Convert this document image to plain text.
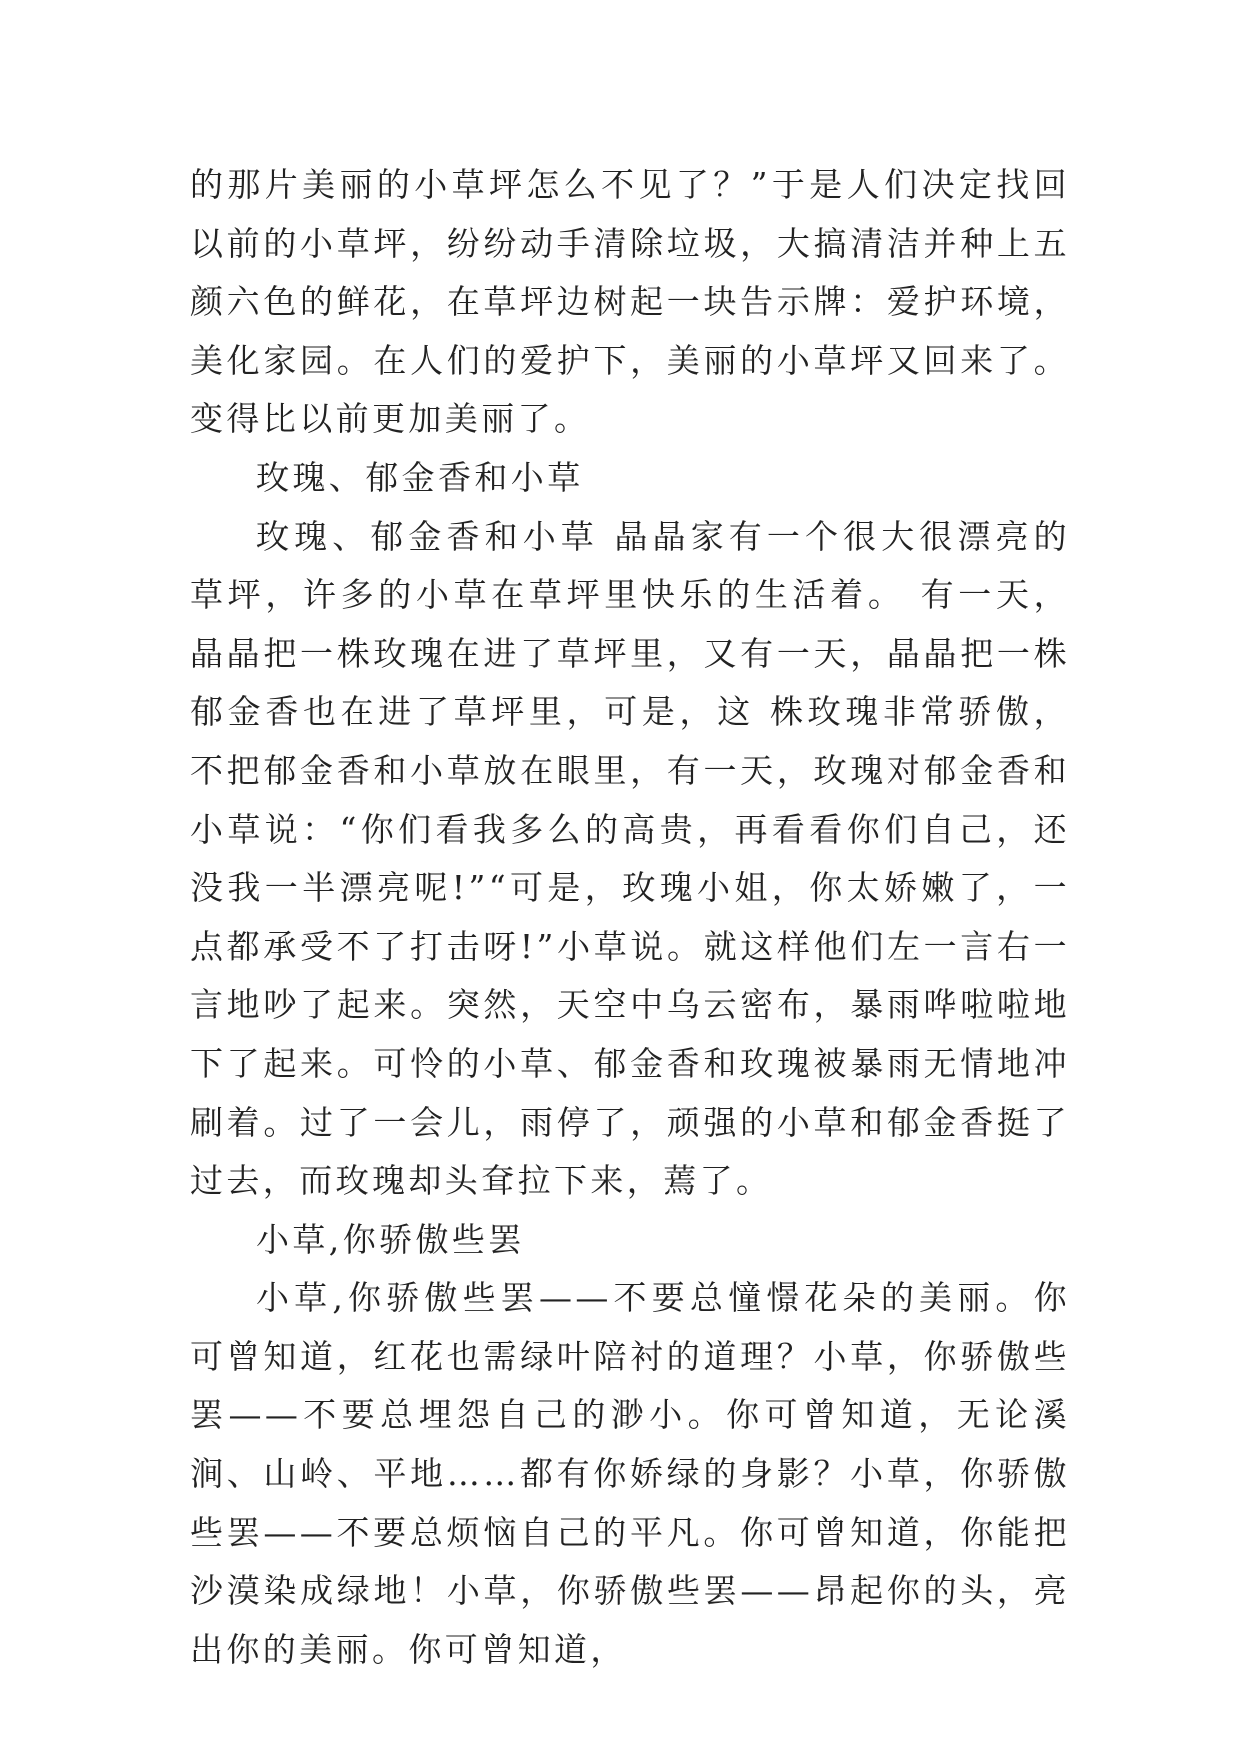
的那片美丽的小草坪怎么不见了？”于是人们决定找回以前的小草坪，纷纷动手清除垃圾，大搞清洁并种上五颜六色的鲜花，在草坪边树起一块告示牌：爱护环境，美化家园。在人们的爱护下，美丽的小草坪又回来了。变得比以前更加美丽了。

玫瑰、郁金香和小草

玫瑰、郁金香和小草 晶晶家有一个很大很漂亮的草坪，许多的小草在草坪里快乐的生活着。 有一天，晶晶把一株玫瑰在进了草坪里，又有一天，晶晶把一株郁金香也在进了草坪里，可是，这 株玫瑰非常骄傲，不把郁金香和小草放在眼里，有一天，玫瑰对郁金香和小草说：“你们看我多么的高贵，再看看你们自己，还没我一半漂亮呢!”“可是，玫瑰小姐，你太娇嫩了，一点都承受不了打击呀!”小草说。就这样他们左一言右一言地吵了起来。突然，天空中乌云密布，暴雨哗啦啦地下了起来。可怜的小草、郁金香和玫瑰被暴雨无情地冲刷着。过了一会儿，雨停了，顽强的小草和郁金香挺了过去，而玫瑰却头耷拉下来，蔫了。

小草,你骄傲些罢

小草,你骄傲些罢——不要总憧憬花朵的美丽。你可曾知道，红花也需绿叶陪衬的道理？小草，你骄傲些罢——不要总埋怨自己的渺小。你可曾知道，无论溪涧、山岭、平地……都有你娇绿的身影？小草，你骄傲些罢——不要总烦恼自己的平凡。你可曾知道，你能把沙漠染成绿地！小草，你骄傲些罢——昂起你的头，亮出你的美丽。你可曾知道，
